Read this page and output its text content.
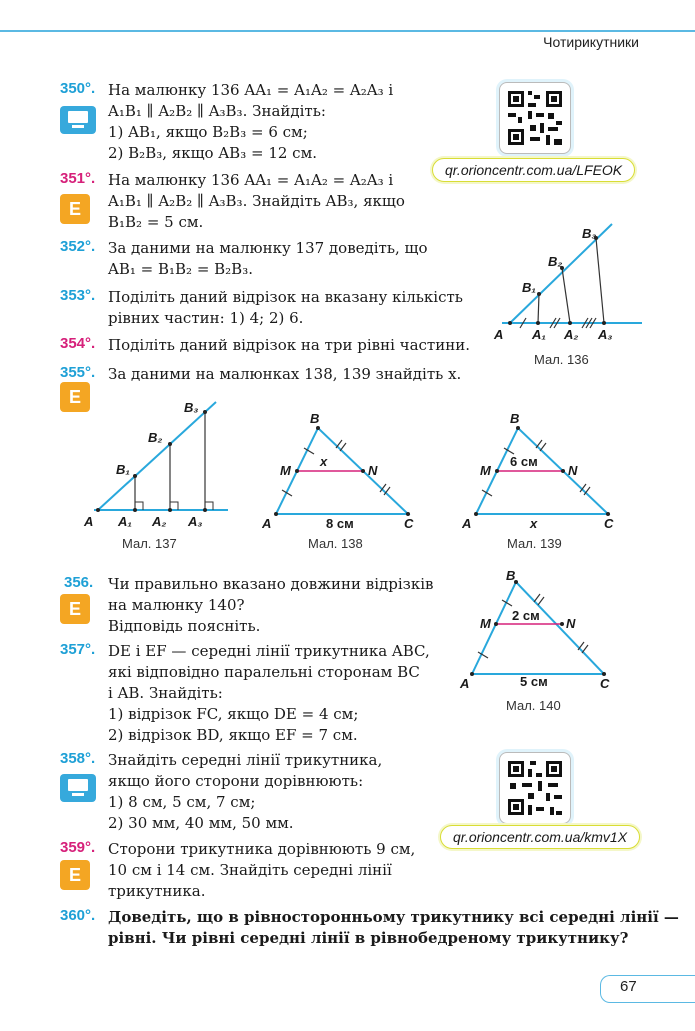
Чотирикутники
350°. На малюнку 136 AA₁ = A₁A₂ = A₂A₃ і
A₁B₁ ∥ A₂B₂ ∥ A₃B₃. Знайдіть:
1) AB₁, якщо B₂B₃ = 6 см;
2) B₂B₃, якщо AB₃ = 12 см.
351°.
E
На малюнку 136 AA₁ = A₁A₂ = A₂A₃ і
A₁B₁ ∥ A₂B₂ ∥ A₃B₃. Знайдіть AB₃, якщо
B₁B₂ = 5 см.
352°. За даними на малюнку 137 доведіть, що
AB₁ = B₁B₂ = B₂B₃.
353°. Поділіть даний відрізок на вказану кількість
рівних частин: 1) 4; 2) 6.
354°. Поділіть даний відрізок на три рівні частини.
355°.
E
За даними на малюнках 138, 139 знайдіть x.
356.
E
Чи правильно вказано довжини відрізків
на малюнку 140?
Відповідь поясніть.
357°. DE і EF — середні лінії трикутника ABC,
які відповідно паралельні сторонам BC
і AB. Знайдіть:
1) відрізок FC, якщо DE = 4 см;
2) відрізок BD, якщо EF = 7 см.
358°. Знайдіть середні лінії трикутника,
якщо його сторони дорівнюють:
1) 8 см, 5 см, 7 см;
2) 30 мм, 40 мм, 50 мм.
359°.
E
Сторони трикутника дорівнюють 9 см,
10 см і 14 см. Знайдіть середні лінії
трикутника.
360°. Доведіть, що в рівносторонньому трикутнику всі середні лінії —
рівні. Чи рівні середні лінії в рівнобедреному трикутнику?
qr.orioncentr.com.ua/LFEOK
qr.orioncentr.com.ua/kmv1X
A A₁ A₂ A₃
B₁
B₂
B₃
Мал. 136
A A₁ A₂ A₃
B₁
B₂
B₃
Мал. 137
A
B
C
M	N
x
8 см
Мал. 138
A
B
C
M	N
6 см
x
Мал. 139
A
B
C
M	N
2 см
5 см
Мал. 140
67
